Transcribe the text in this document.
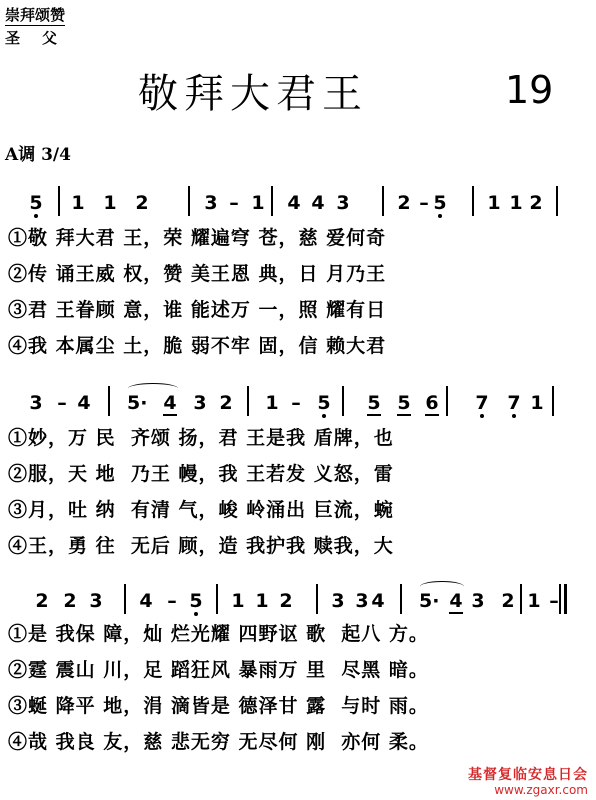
崇拜颂赞
圣父
敬拜大君王	19
A调 3/4
5 1 1 2	3 – 1 4 4 3	2 – 5 1 1 2
①敬 拜大君 王，荣 耀遍穹 苍，慈 爱何奇
②传 诵王威 权，赞 美王恩 典，日 月乃王
③君 王眷顾 意，谁 能述万 一，照 耀有日
④我 本属尘 土，脆 弱不牢 固，信 赖大君
3 – 4 5· 4 3 2 1 – 5 5 5 6 7 7 1
①妙，万 民  齐颂 扬，君 王是我 盾牌，也
②服，天 地  乃王 幔，我 王若发 义怒，雷
③月，吐 纳  有清 气，峻 岭涌出 巨流，蜿
④王，勇 往  无后 顾，造 我护我 赎我，大
2 2 3 4 – 5 1 1 2 3 3 4 5· 4 3 2 1 –
①是 我保 障，灿 烂光耀 四野讴 歌  起八 方。
②霆 震山 川，足 蹈狂风 暴雨万 里  尽黑 暗。
③蜒 降平 地，涓 滴皆是 德泽甘 露  与时 雨。
④哉 我良 友，慈 悲无穷 无尽何 刚  亦何 柔。
基督复临安息日会
www.zgaxr.com
